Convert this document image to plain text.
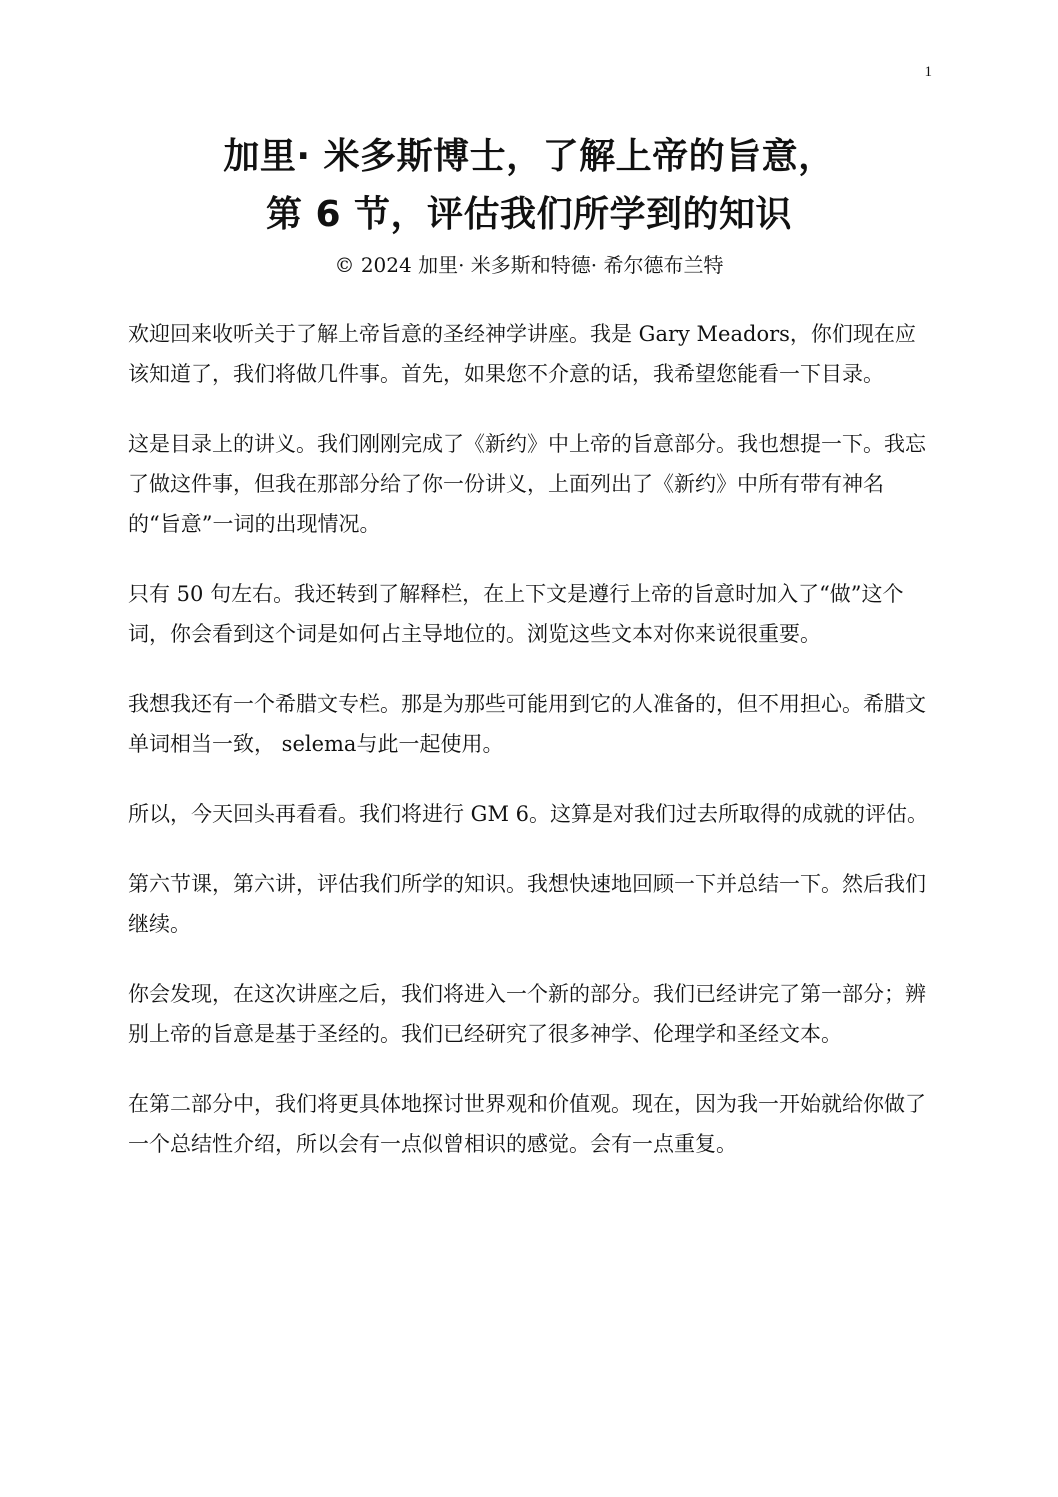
1
加里· 米多斯博士，了解上帝的旨意，
第 6 节，评估我们所学到的知识
© 2024 加里· 米多斯和特德· 希尔德布兰特

欢迎回来收听关于了解上帝旨意的圣经神学讲座。我是 Gary Meadors，你们现在应该知道了，我们将做几件事。首先，如果您不介意的话，我希望您能看一下目录。

这是目录上的讲义。我们刚刚完成了《新约》中上帝的旨意部分。我也想提一下。我忘了做这件事，但我在那部分给了你一份讲义，上面列出了《新约》中所有带有神名的“旨意”一词的出现情况。

只有 50 句左右。我还转到了解释栏，在上下文是遵行上帝的旨意时加入了“做”这个词，你会看到这个词是如何占主导地位的。浏览这些文本对你来说很重要。

我想我还有一个希腊文专栏。那是为那些可能用到它的人准备的，但不用担心。希腊文单词相当一致， selema与此一起使用。

所以，今天回头再看看。我们将进行 GM 6。这算是对我们过去所取得的成就的评估。

第六节课，第六讲，评估我们所学的知识。我想快速地回顾一下并总结一下。然后我们继续。

你会发现，在这次讲座之后，我们将进入一个新的部分。我们已经讲完了第一部分；辨别上帝的旨意是基于圣经的。我们已经研究了很多神学、伦理学和圣经文本。

在第二部分中，我们将更具体地探讨世界观和价值观。现在，因为我一开始就给你做了一个总结性介绍，所以会有一点似曾相识的感觉。会有一点重复。
